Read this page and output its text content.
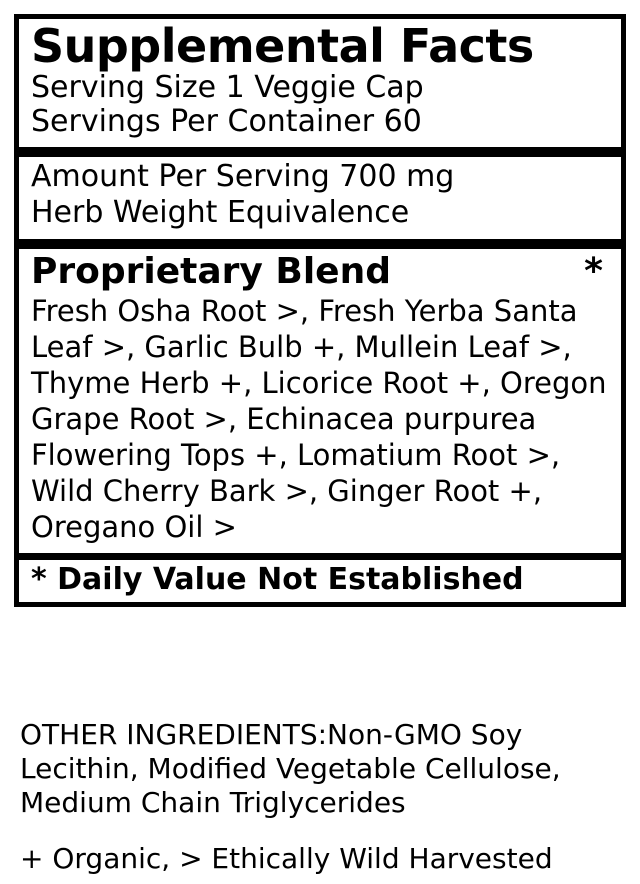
Supplemental Facts
Serving Size 1 Veggie Cap
Servings Per Container 60
Amount Per Serving 700 mg
Herb Weight Equivalence
Proprietary Blend	*
Fresh Osha Root >, Fresh Yerba Santa Leaf >, Garlic Bulb +, Mullein Leaf >, Thyme Herb +, Licorice Root +, Oregon Grape Root >, Echinacea purpurea Flowering Tops +, Lomatium Root >, Wild Cherry Bark >, Ginger Root +, Oregano Oil >
* Daily Value Not Established
OTHER INGREDIENTS:Non-GMO Soy Lecithin, Modified Vegetable Cellulose, Medium Chain Triglycerides
+ Organic, > Ethically Wild Harvested
